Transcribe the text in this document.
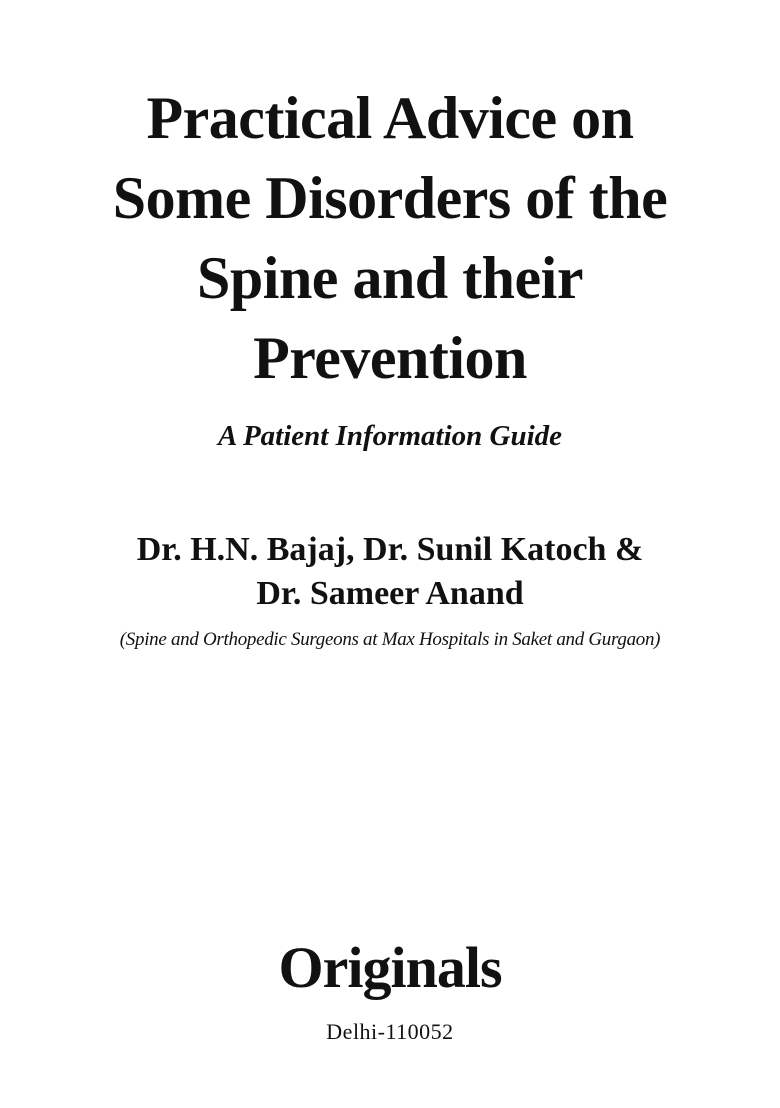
Practical Advice on
Some Disorders of the
Spine and their
Prevention
A Patient Information Guide
Dr. H.N. Bajaj, Dr. Sunil Katoch &
Dr. Sameer Anand
(Spine and Orthopedic Surgeons at Max Hospitals in Saket and Gurgaon)
Originals
Delhi-110052
